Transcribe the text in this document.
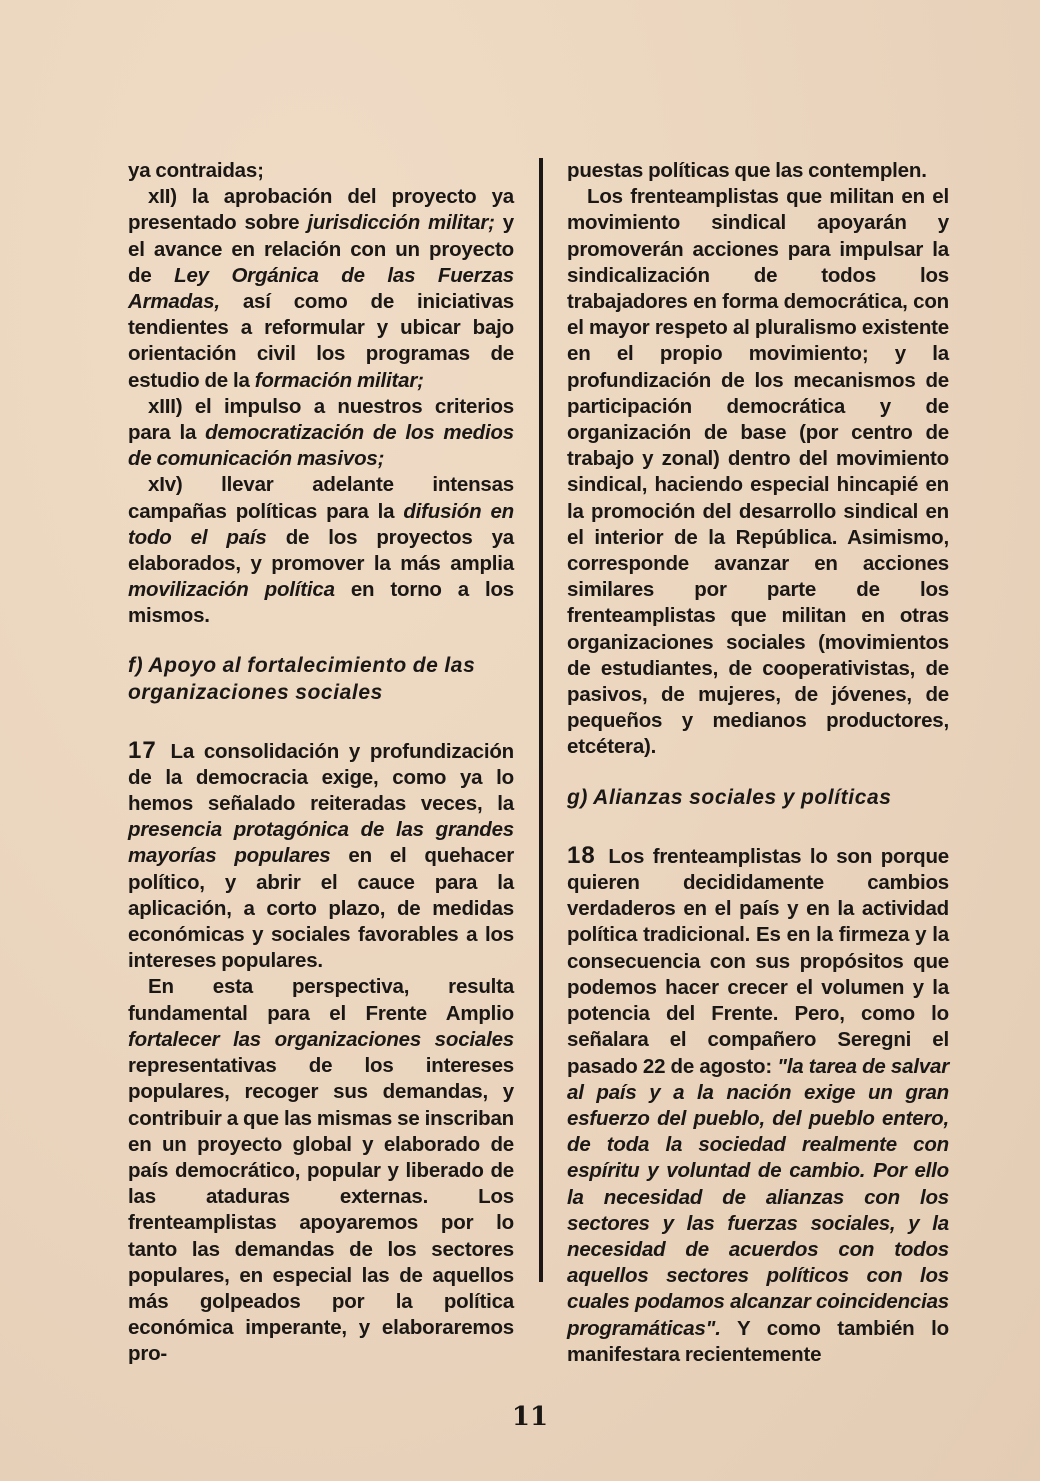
ya contraidas;

xII) la aprobación del proyecto ya presentado sobre jurisdicción militar; y el avance en relación con un proyecto de Ley Orgánica de las Fuerzas Armadas, así como de iniciativas tendientes a reformular y ubicar bajo orientación civil los programas de estudio de la formación militar;

xIII) el impulso a nuestros criterios para la democratización de los medios de comunicación masivos;

xIv) llevar adelante intensas campañas políticas para la difusión en todo el país de los proyectos ya elaborados, y promover la más amplia movilización política en torno a los mismos.

f) Apoyo al fortalecimiento de las organizaciones sociales

17 La consolidación y profundización de la democracia exige, como ya lo hemos señalado reiteradas veces, la presencia protagónica de las grandes mayorías populares en el quehacer político, y abrir el cauce para la aplicación, a corto plazo, de medidas económicas y sociales favorables a los intereses populares.

En esta perspectiva, resulta fundamental para el Frente Amplio fortalecer las organizaciones sociales representativas de los intereses populares, recoger sus demandas, y contribuir a que las mismas se inscriban en un proyecto global y elaborado de país democrático, popular y liberado de las ataduras externas. Los frenteamplistas apoyaremos por lo tanto las demandas de los sectores populares, en especial las de aquellos más golpeados por la política económica imperante, y elaboraremos pro-

puestas políticas que las contemplen.

Los frenteamplistas que militan en el movimiento sindical apoyarán y promoverán acciones para impulsar la sindicalización de todos los trabajadores en forma democrática, con el mayor respeto al pluralismo existente en el propio movimiento; y la profundización de los mecanismos de participación democrática y de organización de base (por centro de trabajo y zonal) dentro del movimiento sindical, haciendo especial hincapié en la promoción del desarrollo sindical en el interior de la República. Asimismo, corresponde avanzar en acciones similares por parte de los frenteamplistas que militan en otras organizaciones sociales (movimientos de estudiantes, de cooperativistas, de pasivos, de mujeres, de jóvenes, de pequeños y medianos productores, etcétera).

g) Alianzas sociales y políticas

18 Los frenteamplistas lo son porque quieren decididamente cambios verdaderos en el país y en la actividad política tradicional. Es en la firmeza y la consecuencia con sus propósitos que podemos hacer crecer el volumen y la potencia del Frente. Pero, como lo señalara el compañero Seregni el pasado 22 de agosto: "la tarea de salvar al país y a la nación exige un gran esfuerzo del pueblo, del pueblo entero, de toda la sociedad realmente con espíritu y voluntad de cambio. Por ello la necesidad de alianzas con los sectores y las fuerzas sociales, y la necesidad de acuerdos con todos aquellos sectores políticos con los cuales podamos alcanzar coincidencias programáticas". Y como también lo manifestara recientemente

11
